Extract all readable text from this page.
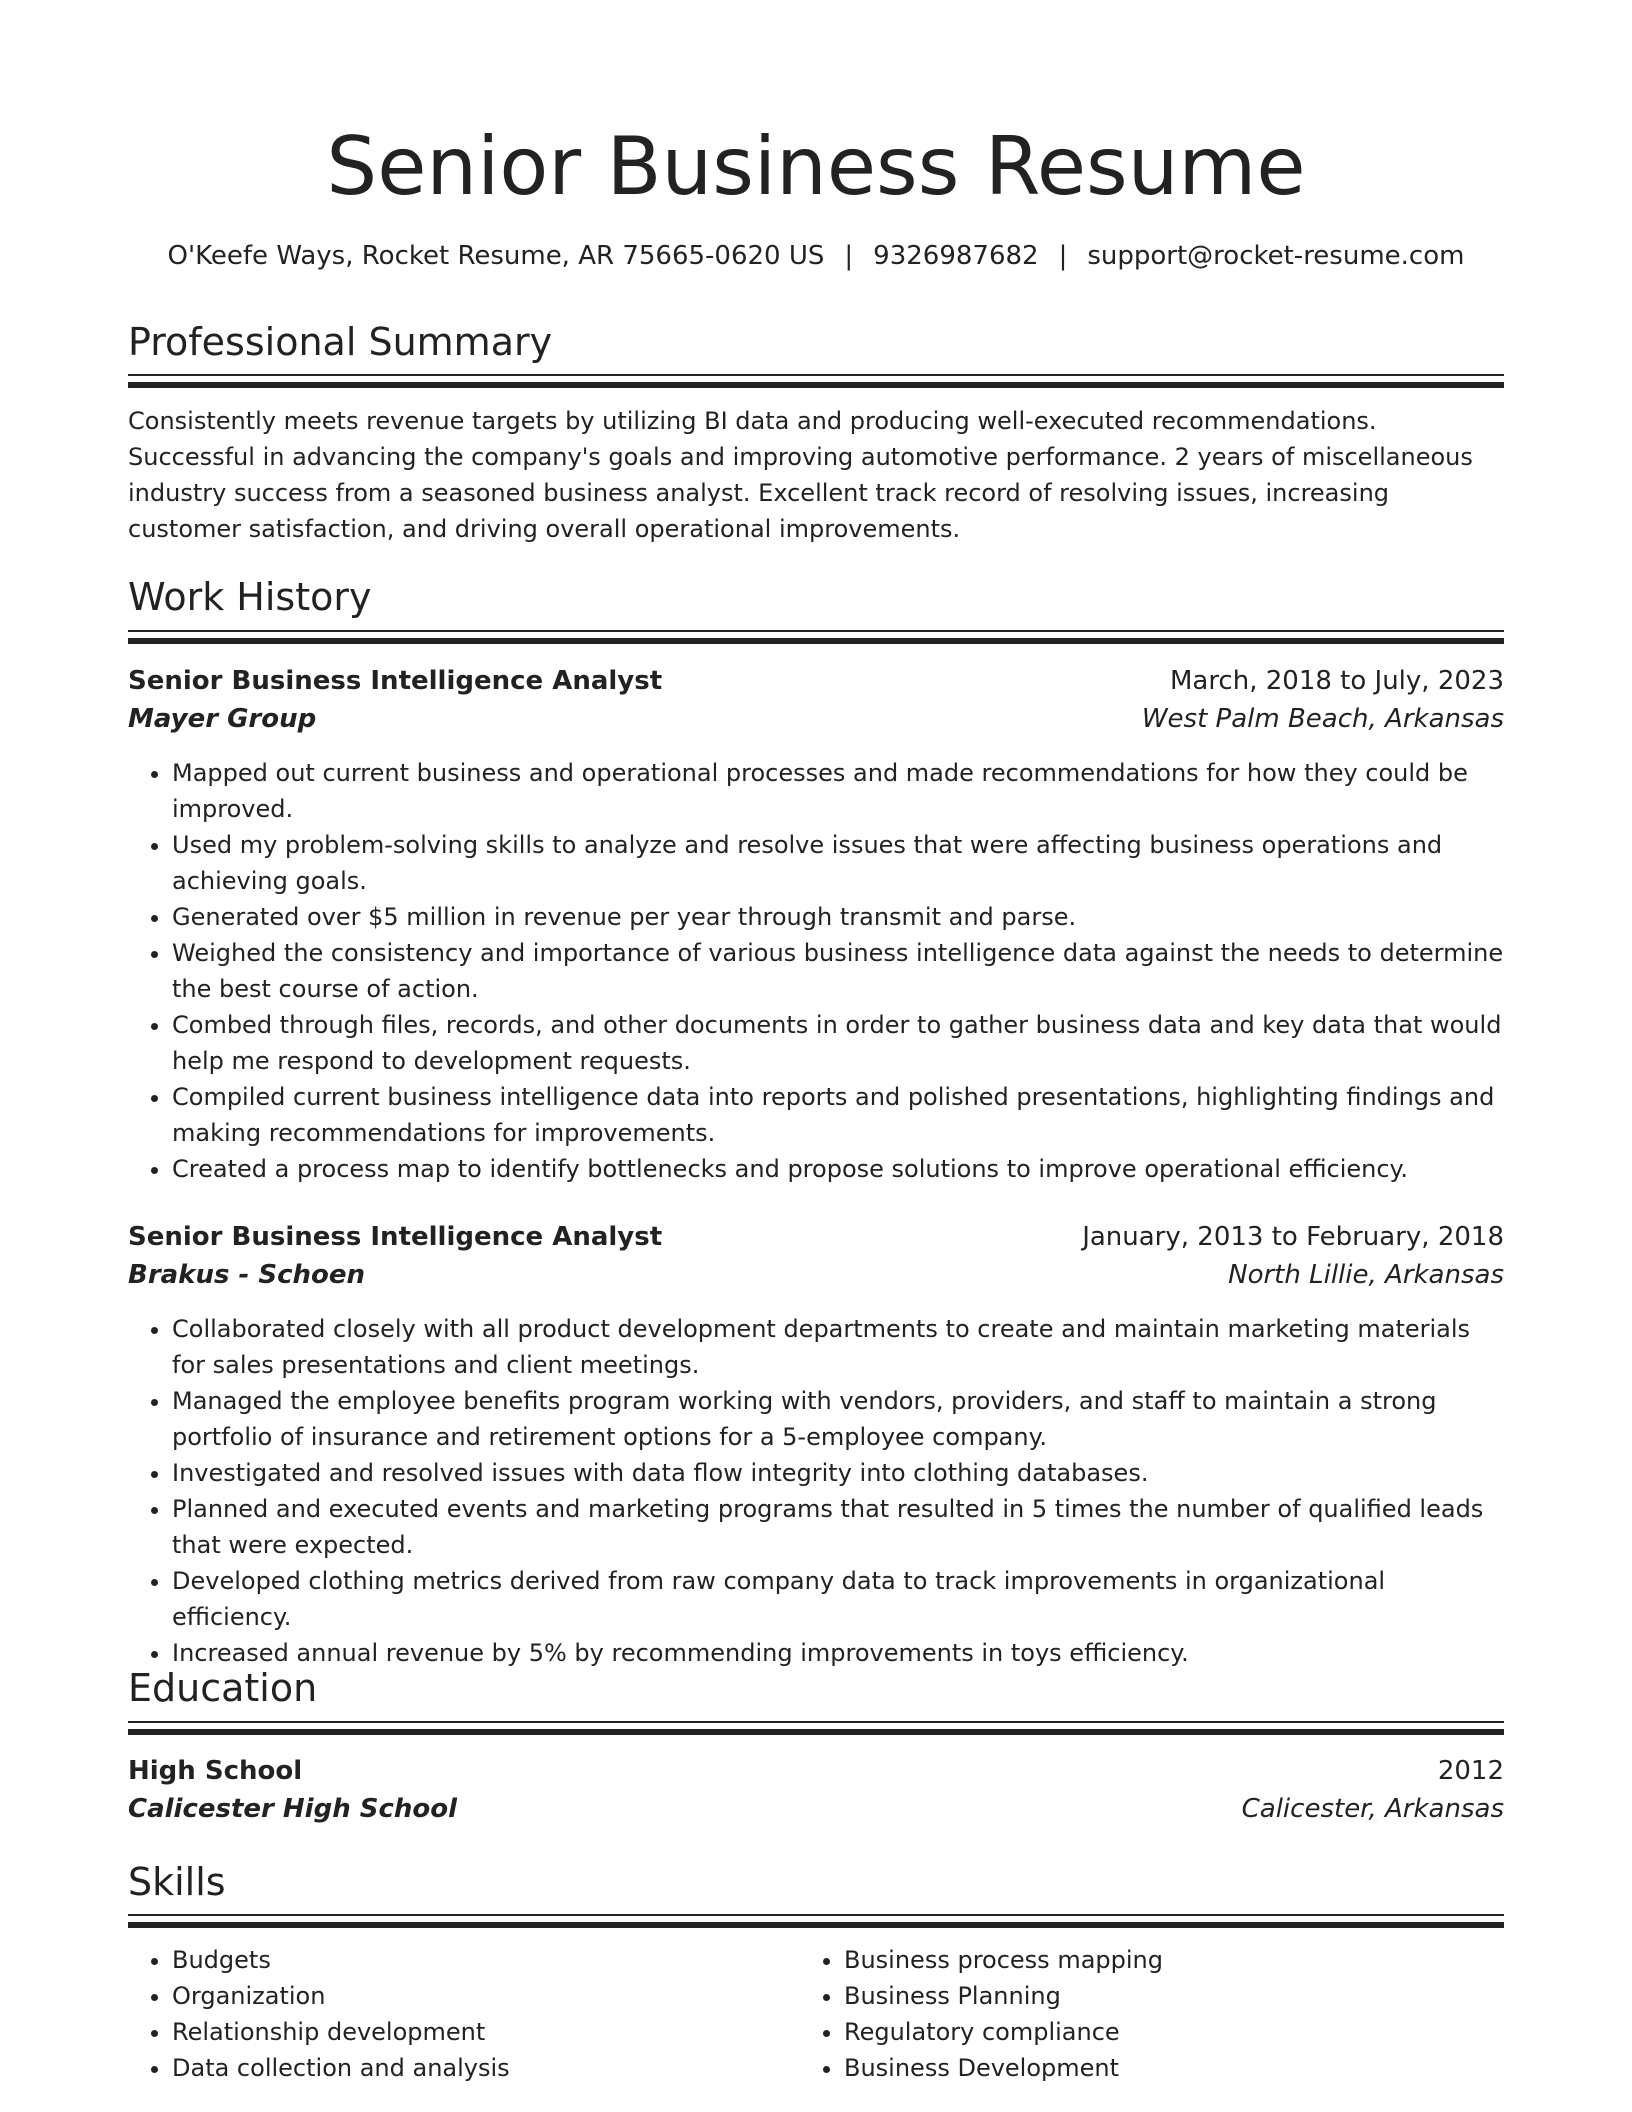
Senior Business Resume
O'Keefe Ways, Rocket Resume, AR 75665-0620 US | 9326987682 | support@rocket-resume.com
Professional Summary
Consistently meets revenue targets by utilizing BI data and producing well-executed recommendations. Successful in advancing the company's goals and improving automotive performance. 2 years of miscellaneous industry success from a seasoned business analyst. Excellent track record of resolving issues, increasing customer satisfaction, and driving overall operational improvements.
Work History
Senior Business Intelligence Analyst	March, 2018 to July, 2023
Mayer Group	West Palm Beach, Arkansas
• Mapped out current business and operational processes and made recommendations for how they could be improved.
• Used my problem-solving skills to analyze and resolve issues that were affecting business operations and achieving goals.
• Generated over $5 million in revenue per year through transmit and parse.
• Weighed the consistency and importance of various business intelligence data against the needs to determine the best course of action.
• Combed through files, records, and other documents in order to gather business data and key data that would help me respond to development requests.
• Compiled current business intelligence data into reports and polished presentations, highlighting findings and making recommendations for improvements.
• Created a process map to identify bottlenecks and propose solutions to improve operational efficiency.
Senior Business Intelligence Analyst	January, 2013 to February, 2018
Brakus - Schoen	North Lillie, Arkansas
• Collaborated closely with all product development departments to create and maintain marketing materials for sales presentations and client meetings.
• Managed the employee benefits program working with vendors, providers, and staff to maintain a strong portfolio of insurance and retirement options for a 5-employee company.
• Investigated and resolved issues with data flow integrity into clothing databases.
• Planned and executed events and marketing programs that resulted in 5 times the number of qualified leads that were expected.
• Developed clothing metrics derived from raw company data to track improvements in organizational efficiency.
• Increased annual revenue by 5% by recommending improvements in toys efficiency.
Education
High School	2012
Calicester High School	Calicester, Arkansas
Skills
• Budgets
• Organization
• Relationship development
• Data collection and analysis
• Business process mapping
• Business Planning
• Regulatory compliance
• Business Development
